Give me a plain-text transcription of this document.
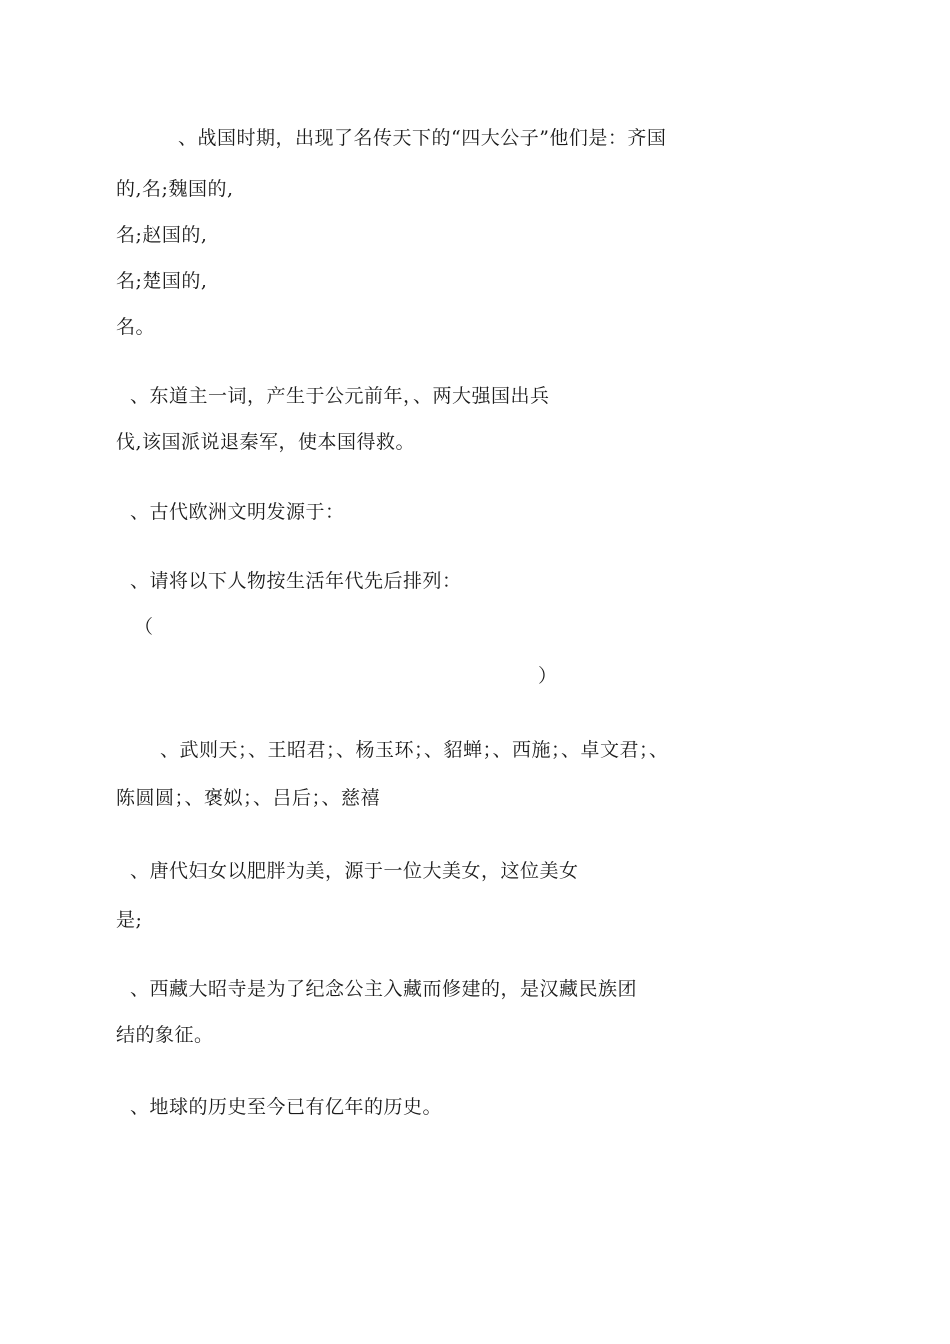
、战国时期，出现了名传天下的“四大公子”他们是：齐国
的,名;魏国的,
名;赵国的,
名;楚国的,
名。
、东道主一词，产生于公元前年，、两大强国出兵
伐,该国派说退秦军，使本国得救。
、古代欧洲文明发源于：
、请将以下人物按生活年代先后排列：
（
）
、武则天；、王昭君；、杨玉环；、貂蝉；、西施；、卓文君；、
陈圆圆；、褒姒；、吕后；、慈禧
、唐代妇女以肥胖为美，源于一位大美女，这位美女
是;
、西藏大昭寺是为了纪念公主入藏而修建的，是汉藏民族团
结的象征。
、地球的历史至今已有亿年的历史。
